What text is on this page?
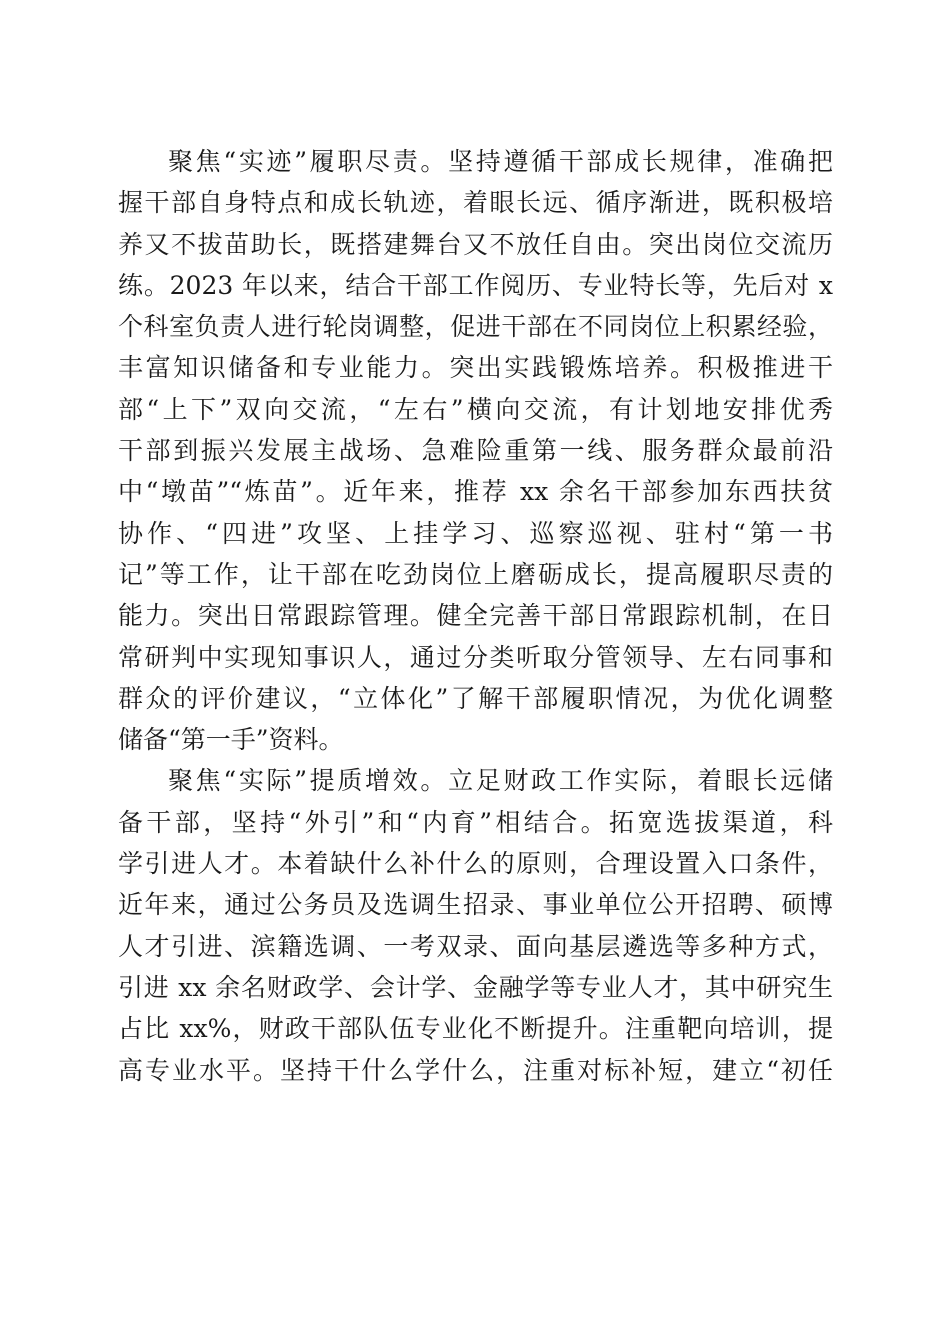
聚焦“实迹”履职尽责。坚持遵循干部成长规律，准确把
握干部自身特点和成长轨迹，着眼长远、循序渐进，既积极培
养又不拔苗助长，既搭建舞台又不放任自由。突出岗位交流历
练。2023 年以来，结合干部工作阅历、专业特长等，先后对 x
个科室负责人进行轮岗调整，促进干部在不同岗位上积累经验，
丰富知识储备和专业能力。突出实践锻炼培养。积极推进干
部“上下”双向交流，“左右”横向交流，有计划地安排优秀
干部到振兴发展主战场、急难险重第一线、服务群众最前沿
中“墩苗”“炼苗”。近年来，推荐 xx 余名干部参加东西扶贫
协作、“四进”攻坚、上挂学习、巡察巡视、驻村“第一书
记”等工作，让干部在吃劲岗位上磨砺成长，提高履职尽责的
能力。突出日常跟踪管理。健全完善干部日常跟踪机制，在日
常研判中实现知事识人，通过分类听取分管领导、左右同事和
群众的评价建议，“立体化”了解干部履职情况，为优化调整
储备“第一手”资料。
聚焦“实际”提质增效。立足财政工作实际，着眼长远储
备干部，坚持“外引”和“内育”相结合。拓宽选拔渠道，科
学引进人才。本着缺什么补什么的原则，合理设置入口条件，
近年来，通过公务员及选调生招录、事业单位公开招聘、硕博
人才引进、滨籍选调、一考双录、面向基层遴选等多种方式，
引进 xx 余名财政学、会计学、金融学等专业人才，其中研究生
占比 xx%，财政干部队伍专业化不断提升。注重靶向培训，提
高专业水平。坚持干什么学什么，注重对标补短，建立“初任
